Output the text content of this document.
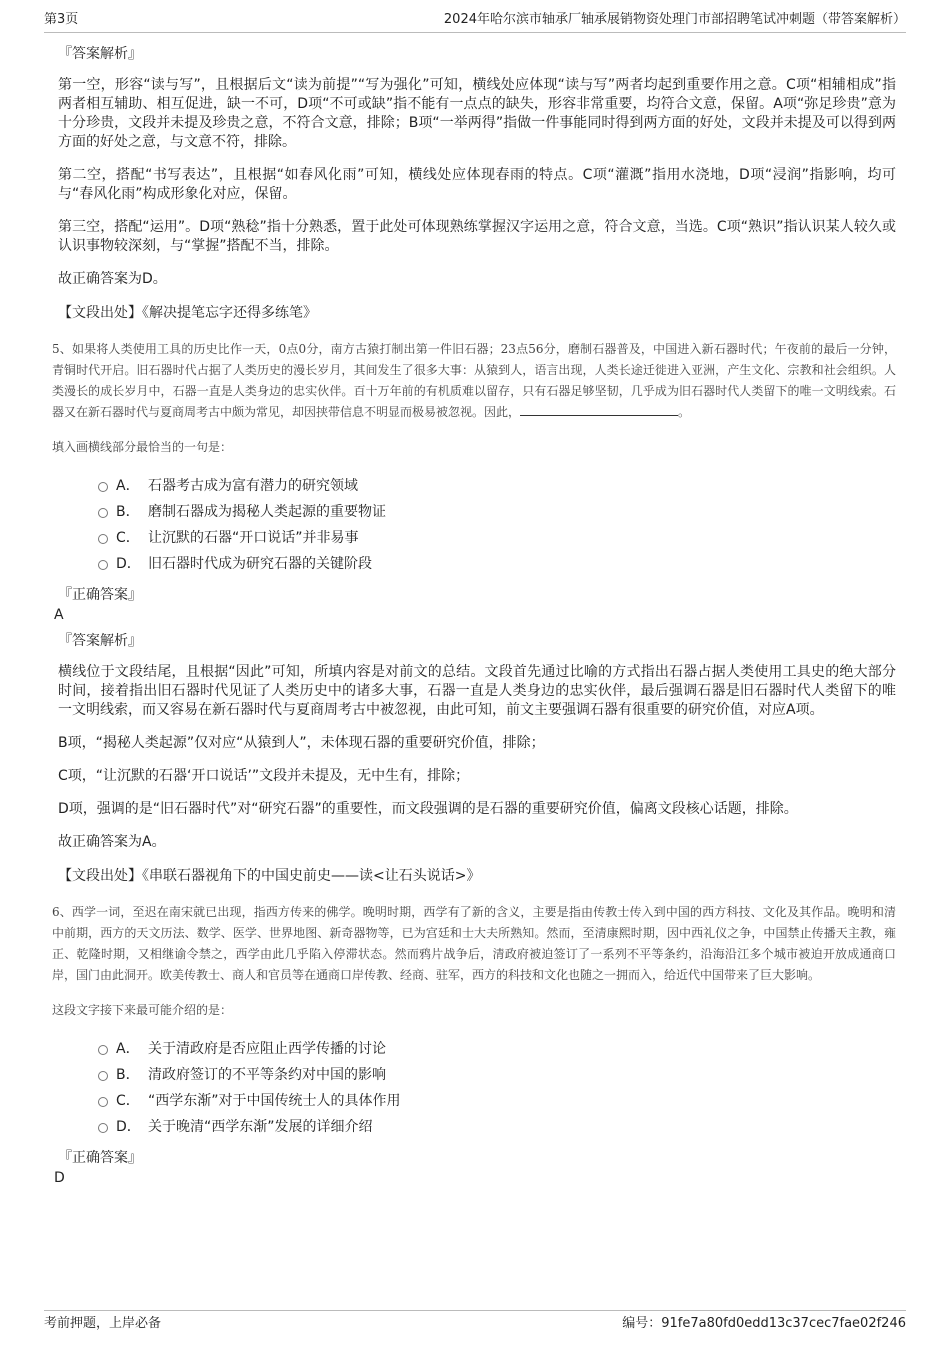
第3页	2024年哈尔滨市轴承厂轴承展销物资处理门市部招聘笔试冲刺题（带答案解析）

『答案解析』

第一空，形容“读与写”，且根据后文“读为前提”“写为强化”可知，横线处应体现“读与写”两者均起到重要作用之意。C项“相辅相成”指两者相互辅助、相互促进，缺一不可，D项“不可或缺”指不能有一点点的缺失，形容非常重要，均符合文意，保留。A项“弥足珍贵”意为十分珍贵，文段并未提及珍贵之意，不符合文意，排除；B项“一举两得”指做一件事能同时得到两方面的好处，文段并未提及可以得到两方面的好处之意，与文意不符，排除。

第二空，搭配“书写表达”，且根据“如春风化雨”可知，横线处应体现春雨的特点。C项“灌溉”指用水浇地，D项“浸润”指影响，均可与“春风化雨”构成形象化对应，保留。

第三空，搭配“运用”。D项“熟稔”指十分熟悉，置于此处可体现熟练掌握汉字运用之意，符合文意，当选。C项“熟识”指认识某人较久或认识事物较深刻，与“掌握”搭配不当，排除。

故正确答案为D。

【文段出处】《解决提笔忘字还得多练笔》

5、如果将人类使用工具的历史比作一天，0点0分，南方古猿打制出第一件旧石器；23点56分，磨制石器普及，中国进入新石器时代；午夜前的最后一分钟，青铜时代开启。旧石器时代占据了人类历史的漫长岁月，其间发生了很多大事：从猿到人，语言出现，人类长途迁徙进入亚洲，产生文化、宗教和社会组织。人类漫长的成长岁月中，石器一直是人类身边的忠实伙伴。百十万年前的有机质难以留存，只有石器足够坚韧，几乎成为旧石器时代人类留下的唯一文明线索。石器又在新石器时代与夏商周考古中颇为常见，却因挟带信息不明显而极易被忽视。因此，	。

填入画横线部分最恰当的一句是：

A． 石器考古成为富有潜力的研究领域
B． 磨制石器成为揭秘人类起源的重要物证
C． 让沉默的石器“开口说话”并非易事
D． 旧石器时代成为研究石器的关键阶段

『正确答案』

A

『答案解析』

横线位于文段结尾，且根据“因此”可知，所填内容是对前文的总结。文段首先通过比喻的方式指出石器占据人类使用工具史的绝大部分时间，接着指出旧石器时代见证了人类历史中的诸多大事，石器一直是人类身边的忠实伙伴，最后强调石器是旧石器时代人类留下的唯一文明线索，而又容易在新石器时代与夏商周考古中被忽视，由此可知，前文主要强调石器有很重要的研究价值，对应A项。

B项，“揭秘人类起源”仅对应“从猿到人”，未体现石器的重要研究价值，排除；

C项，“让沉默的石器‘开口说话’”文段并未提及，无中生有，排除；

D项，强调的是“旧石器时代”对“研究石器”的重要性，而文段强调的是石器的重要研究价值，偏离文段核心话题，排除。

故正确答案为A。

【文段出处】《串联石器视角下的中国史前史——读<让石头说话>》

6、西学一词，至迟在南宋就已出现，指西方传来的佛学。晚明时期，西学有了新的含义，主要是指由传教士传入到中国的西方科技、文化及其作品。晚明和清中前期，西方的天文历法、数学、医学、世界地图、新奇器物等，已为宫廷和士大夫所熟知。然而，至清康熙时期，因中西礼仪之争，中国禁止传播天主教，雍正、乾隆时期，又相继谕令禁之，西学由此几乎陷入停滞状态。然而鸦片战争后，清政府被迫签订了一系列不平等条约，沿海沿江多个城市被迫开放成通商口岸，国门由此洞开。欧美传教士、商人和官员等在通商口岸传教、经商、驻军，西方的科技和文化也随之一拥而入，给近代中国带来了巨大影响。

这段文字接下来最可能介绍的是：

A． 关于清政府是否应阻止西学传播的讨论
B． 清政府签订的不平等条约对中国的影响
C． “西学东渐”对于中国传统士人的具体作用
D． 关于晚清“西学东渐”发展的详细介绍

『正确答案』

D

考前押题，上岸必备	编号：91fe7a80fd0edd13c37cec7fae02f246
